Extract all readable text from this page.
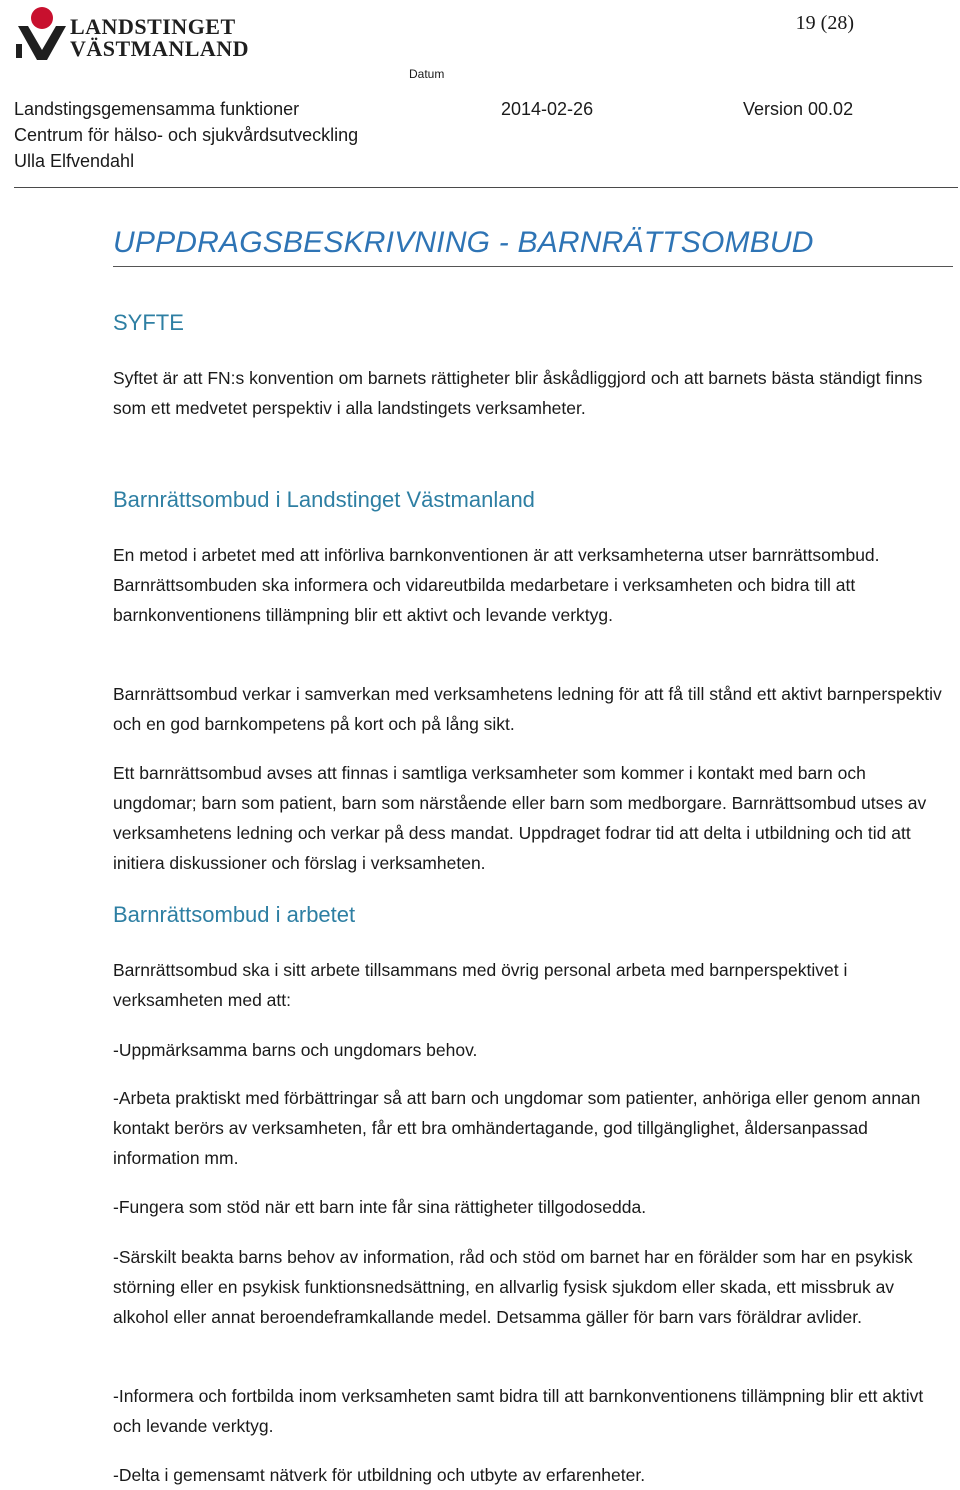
LANDSTINGET
VÄSTMANLAND
19 (28)
Datum
Landstingsgemensamma funktioner	2014-02-26	Version 00.02
Centrum för hälso- och sjukvårdsutveckling
Ulla Elfvendahl
UPPDRAGSBESKRIVNING - BARNRÄTTSOMBUD
SYFTE

Syftet är att FN:s konvention om barnets rättigheter blir åskådliggjord och att barnets bästa ständigt finns som ett medvetet perspektiv i alla landstingets verksamheter.

Barnrättsombud i Landstinget Västmanland

En metod i arbetet med att införliva barnkonventionen är att verksamheterna utser barnrättsombud. Barnrättsombuden ska informera och vidareutbilda medarbetare i verksamheten och bidra till att barnkonventionens tillämpning blir ett aktivt och levande verktyg.

Barnrättsombud verkar i samverkan med verksamhetens ledning för att få till stånd ett aktivt barnperspektiv och en god barnkompetens på kort och på lång sikt.

Ett barnrättsombud avses att finnas i samtliga verksamheter som kommer i kontakt med barn och ungdomar; barn som patient, barn som närstående eller barn som medborgare. Barnrättsombud utses av verksamhetens ledning och verkar på dess mandat. Uppdraget fodrar tid att delta i utbildning och tid att initiera diskussioner och förslag i verksamheten.

Barnrättsombud i arbetet

Barnrättsombud ska i sitt arbete tillsammans med övrig personal arbeta med barnperspektivet i verksamheten med att:

-Uppmärksamma barns och ungdomars behov.

-Arbeta praktiskt med förbättringar så att barn och ungdomar som patienter, anhöriga eller genom annan kontakt berörs av verksamheten, får ett bra omhändertagande, god tillgänglighet, åldersanpassad information mm.

-Fungera som stöd när ett barn inte får sina rättigheter tillgodosedda.

-Särskilt beakta barns behov av information, råd och stöd om barnet har en förälder som har en psykisk störning eller en psykisk funktionsnedsättning, en allvarlig fysisk sjukdom eller skada, ett missbruk av alkohol eller annat beroendeframkallande medel. Detsamma gäller för barn vars föräldrar avlider.

-Informera och fortbilda inom verksamheten samt bidra till att barnkonventionens tillämpning blir ett aktivt och levande verktyg.

-Delta i gemensamt nätverk för utbildning och utbyte av erfarenheter.
